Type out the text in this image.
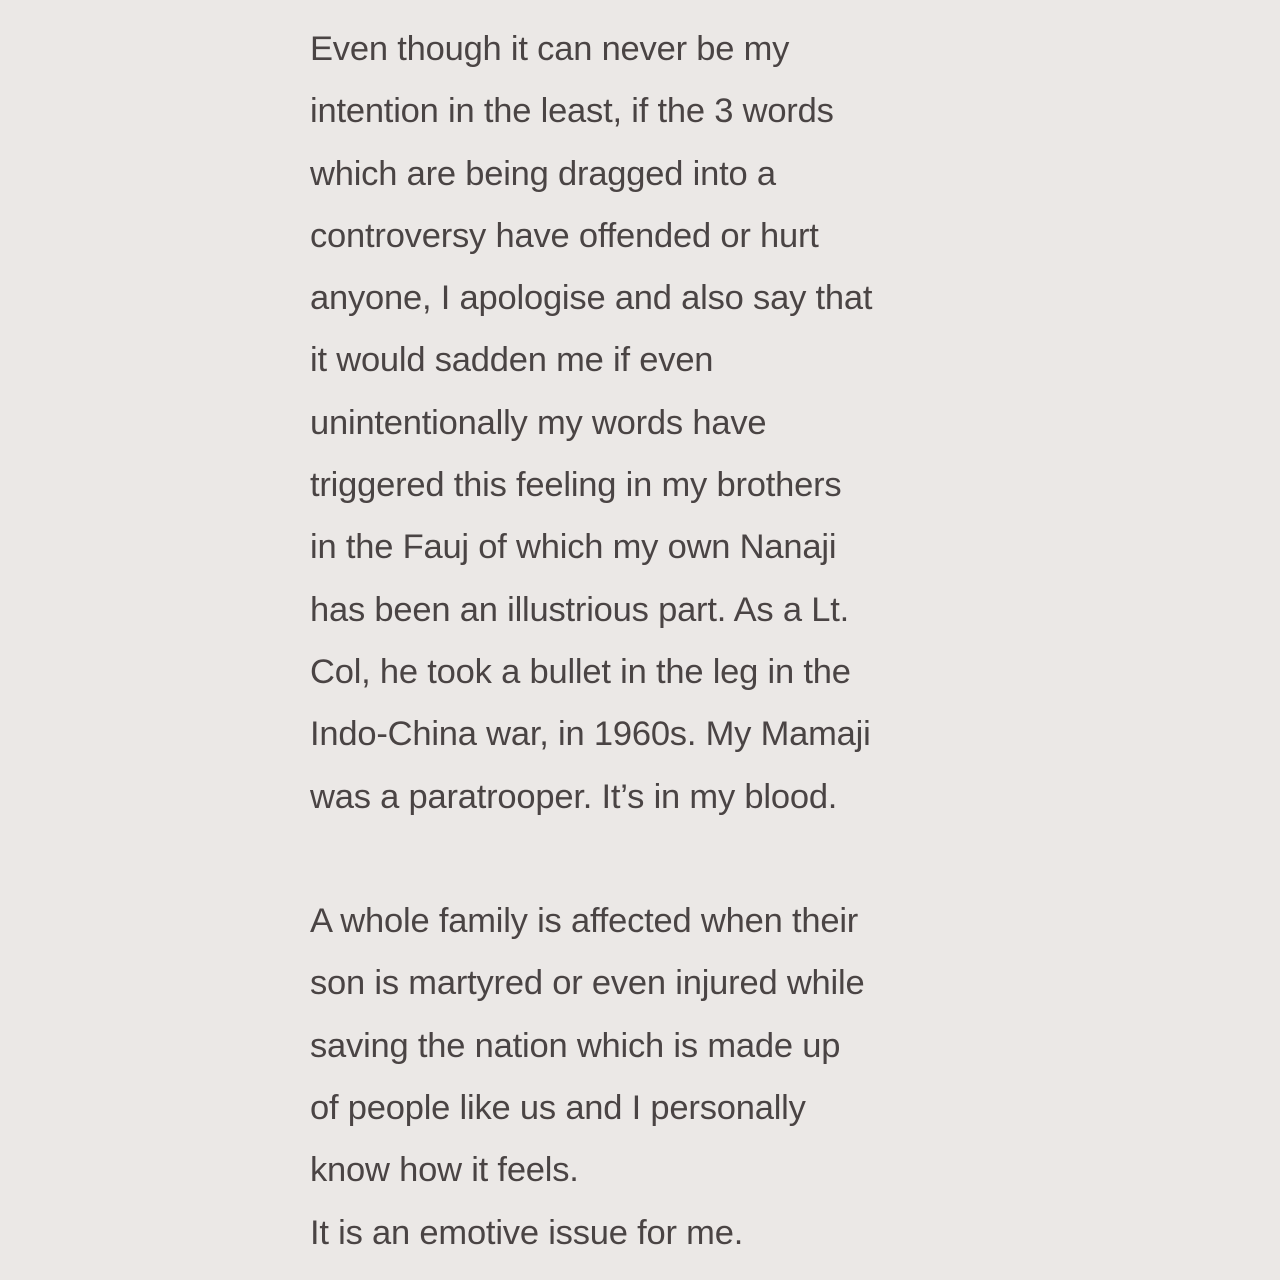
Even though it can never be my
intention in the least, if the 3 words
which are being dragged into a
controversy have offended or hurt
anyone, I apologise and also say that
it would sadden me if even
unintentionally my words have
triggered this feeling in my brothers
in the Fauj of which my own Nanaji
has been an illustrious part. As a Lt.
Col, he took a bullet in the leg in the
Indo-China war, in 1960s. My Mamaji
was a paratrooper. It’s in my blood.
A whole family is affected when their
son is martyred or even injured while
saving the nation which is made up
of people like us and I personally
know how it feels.
It is an emotive issue for me.
